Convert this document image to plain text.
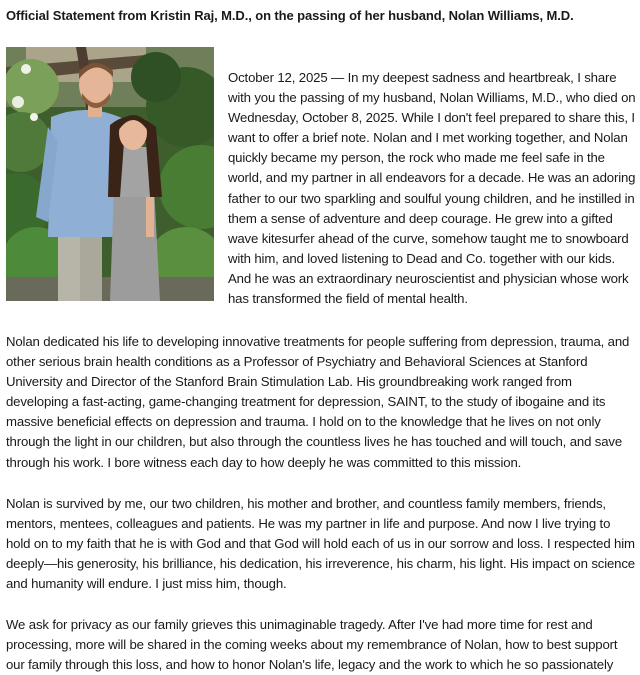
Official Statement from Kristin Raj, M.D., on the passing of her husband, Nolan Williams, M.D.

October 12, 2025 — In my deepest sadness and heartbreak, I share with you the passing of my husband, Nolan Williams, M.D., who died on Wednesday, October 8, 2025. While I don't feel prepared to share this, I want to offer a brief note. Nolan and I met working together, and Nolan quickly became my person, the rock who made me feel safe in the world, and my partner in all endeavors for a decade. He was an adoring father to our two sparkling and soulful young children, and he instilled in them a sense of adventure and deep courage. He grew into a gifted wave kitesurfer ahead of the curve, somehow taught me to snowboard with him, and loved listening to Dead and Co. together with our kids. And he was an extraordinary neuroscientist and physician whose work has transformed the field of mental health.

Nolan dedicated his life to developing innovative treatments for people suffering from depression, trauma, and other serious brain health conditions as a Professor of Psychiatry and Behavioral Sciences at Stanford University and Director of the Stanford Brain Stimulation Lab. His groundbreaking work ranged from developing a fast-acting, game-changing treatment for depression, SAINT, to the study of ibogaine and its massive beneficial effects on depression and trauma. I hold on to the knowledge that he lives on not only through the light in our children, but also through the countless lives he has touched and will touch, and save through his work. I bore witness each day to how deeply he was committed to this mission.

Nolan is survived by me, our two children, his mother and brother, and countless family members, friends, mentors, mentees, colleagues and patients. He was my partner in life and purpose. And now I live trying to hold on to my faith that he is with God and that God will hold each of us in our sorrow and loss. I respected him deeply—his generosity, his brilliance, his dedication, his irreverence, his charm, his light. His impact on science and humanity will endure. I just miss him, though.

We ask for privacy as our family grieves this unimaginable tragedy. After I've had more time for rest and processing, more will be shared in the coming weeks about my remembrance of Nolan, how to best support our family through this loss, and how to honor Nolan's life, legacy and the work to which he so passionately
